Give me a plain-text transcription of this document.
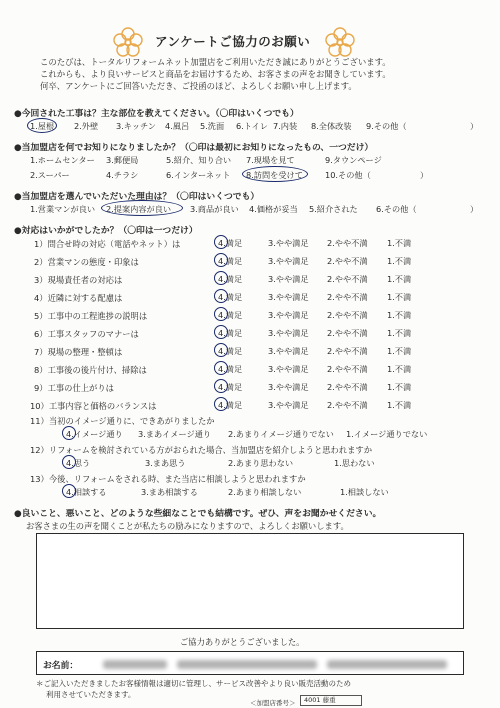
アンケートご協力のお願い
このたびは、トータルリフォームネット加盟店をご利用いただき誠にありがとうございます。
これからも、より良いサービスと商品をお届けするため、お客さまの声をお聞きしています。
何卒、アンケートにご回答いただき、ご投函のほど、よろしくお願い申し上げます。
●今回された工事は？主な部位を教えてください。（〇印はいくつでも）
1.屋根 2.外壁 3.キッチン 4.風呂 5.洗面 6.トイレ 7.内装 8.全体改装 9.その他（	）
●当加盟店を何でお知りになりましたか？（〇印は最初にお知りになったもの、一つだけ）
1.ホームセンター 3.郵便局	5.紹介、知り合い 7.現場を見て	9.タウンページ
2.スーパー	4.チラシ	6.インターネット 8.訪問を受けて	10.その他（	）
●当加盟店を選んでいただいた理由は？（〇印はいくつでも）
1.営業マンが良い 2.提案内容が良い 3.商品が良い 4.価格が妥当 5.紹介された 6.その他（	）
●対応はいかがでしたか？（〇印は一つだけ）
1）問合せ時の対応（電話やネット）は	4.満足	3.やや満足 2.やや不満 1.不満
2）営業マンの態度・印象は	4.満足	3.やや満足 2.やや不満 1.不満
3）現場責任者の対応は	4.満足	3.やや満足 2.やや不満 1.不満
4）近隣に対する配慮は	4.満足	3.やや満足 2.やや不満 1.不満
5）工事中の工程進捗の説明は	4.満足	3.やや満足 2.やや不満 1.不満
6）工事スタッフのマナーは	4.満足	3.やや満足 2.やや不満 1.不満
7）現場の整理・整頓は	4.満足	3.やや満足 2.やや不満 1.不満
8）工事後の後片付け、掃除は	4.満足	3.やや満足 2.やや不満 1.不満
9）工事の仕上がりは	4.満足	3.やや満足 2.やや不満 1.不満
10）工事内容と価格のバランスは	4.満足	3.やや満足 2.やや不満 1.不満
11）当初のイメージ通りに、できあがりましたか
4.イメージ通り 3.まあイメージ通り 2.あまりイメージ通りでない 1.イメージ通りでない
12）リフォームを検討されている方がおられた場合、当加盟店を紹介しようと思われますか
4.思う	3.まあ思う	2.あまり思わない	1.思わない
13）今後、リフォームをされる時、また当店に相談しようと思われますか
4.相談する	3.まあ相談する	2.あまり相談しない	1.相談しない
●良いこと、悪いこと、どのような些細なことでも結構です。ぜひ、声をお聞かせください。
お客さまの生の声を聞くことが私たちの励みになりますので、よろしくお願いします。
ご協力ありがとうございました。
お名前：
＊ご記入いただきましたお客様情報は適切に管理し、サービス改善やより良い販売活動のため
利用させていただきます。
＜加盟店番号＞	4001 藤重
